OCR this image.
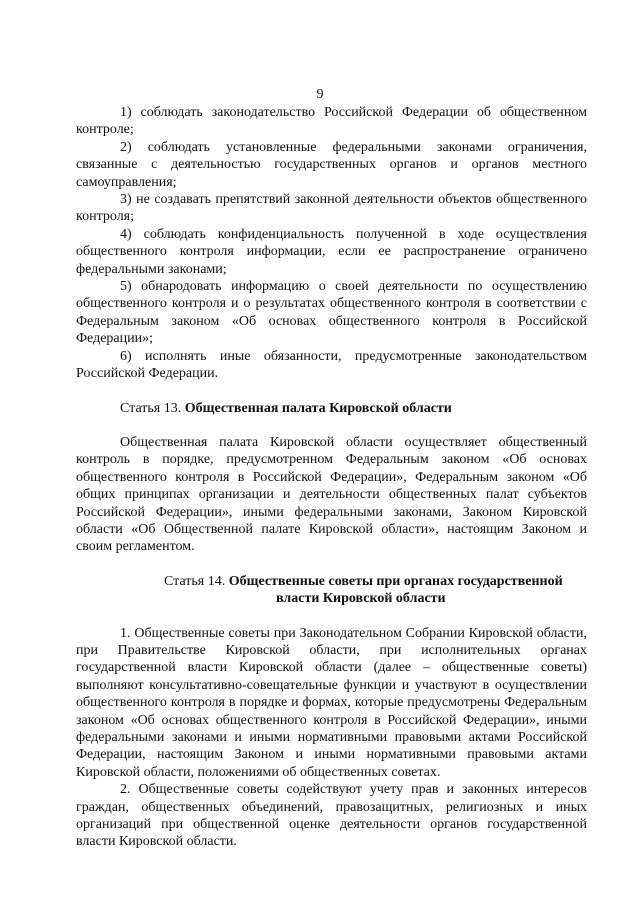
9

1) соблюдать законодательство Российской Федерации об общественном контроле;

2) соблюдать установленные федеральными законами ограничения, связанные с деятельностью государственных органов и органов местного самоуправления;

3) не создавать препятствий законной деятельности объектов общественного контроля;

4) соблюдать конфиденциальность полученной в ходе осуществления общественного контроля информации, если ее распространение ограничено федеральными законами;

5) обнародовать информацию о своей деятельности по осуществлению общественного контроля и о результатах общественного контроля в соответствии с Федеральным законом «Об основах общественного контроля в Российской Федерации»;

6) исполнять иные обязанности, предусмотренные законодательством Российской Федерации.

Статья 13. Общественная палата Кировской области

Общественная палата Кировской области осуществляет общественный контроль в порядке, предусмотренном Федеральным законом «Об основах общественного контроля в Российской Федерации», Федеральным законом «Об общих принципах организации и деятельности общественных палат субъектов Российской Федерации», иными федеральными законами, Законом Кировской области «Об Общественной палате Кировской области», настоящим Законом и своим регламентом.

Статья 14. Общественные советы при органах государственной
власти Кировской области

1. Общественные советы при Законодательном Собрании Кировской области, при Правительстве Кировской области, при исполнительных органах государственной власти Кировской области (далее – общественные советы) выполняют консультативно-совещательные функции и участвуют в осуществлении общественного контроля в порядке и формах, которые предусмотрены Федеральным законом «Об основах общественного контроля в Российской Федерации», иными федеральными законами и иными нормативными правовыми актами Российской Федерации, настоящим Законом и иными нормативными правовыми актами Кировской области, положениями об общественных советах.

2. Общественные советы содействуют учету прав и законных интересов граждан, общественных объединений, правозащитных, религиозных и иных организаций при общественной оценке деятельности органов государственной власти Кировской области.
